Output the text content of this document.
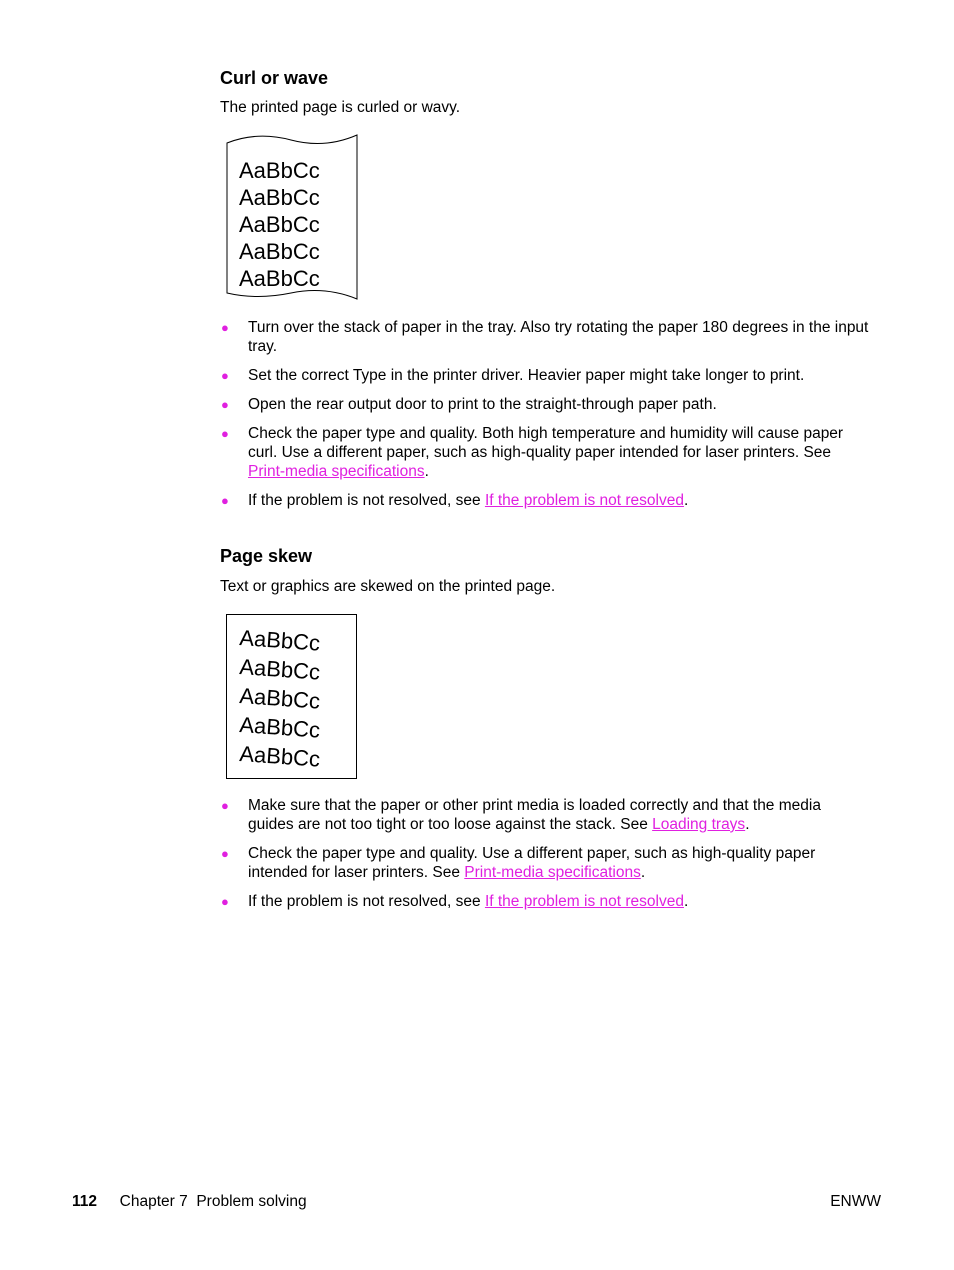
Curl or wave

The printed page is curled or wavy.

AaBbCc
AaBbCc
AaBbCc
AaBbCc
AaBbCc
● Turn over the stack of paper in the tray. Also try rotating the paper 180 degrees in the input tray.
● Set the correct Type in the printer driver. Heavier paper might take longer to print.
● Open the rear output door to print to the straight-through paper path.
● Check the paper type and quality. Both high temperature and humidity will cause paper curl. Use a different paper, such as high-quality paper intended for laser printers. See Print-media specifications.
● If the problem is not resolved, see If the problem is not resolved.
Page skew

Text or graphics are skewed on the printed page.

AaBbCc
AaBbCc
AaBbCc
AaBbCc
AaBbCc
● Make sure that the paper or other print media is loaded correctly and that the media guides are not too tight or too loose against the stack. See Loading trays.
● Check the paper type and quality. Use a different paper, such as high-quality paper intended for laser printers. See Print-media specifications.
● If the problem is not resolved, see If the problem is not resolved.
112 Chapter 7  Problem solving	ENWW
